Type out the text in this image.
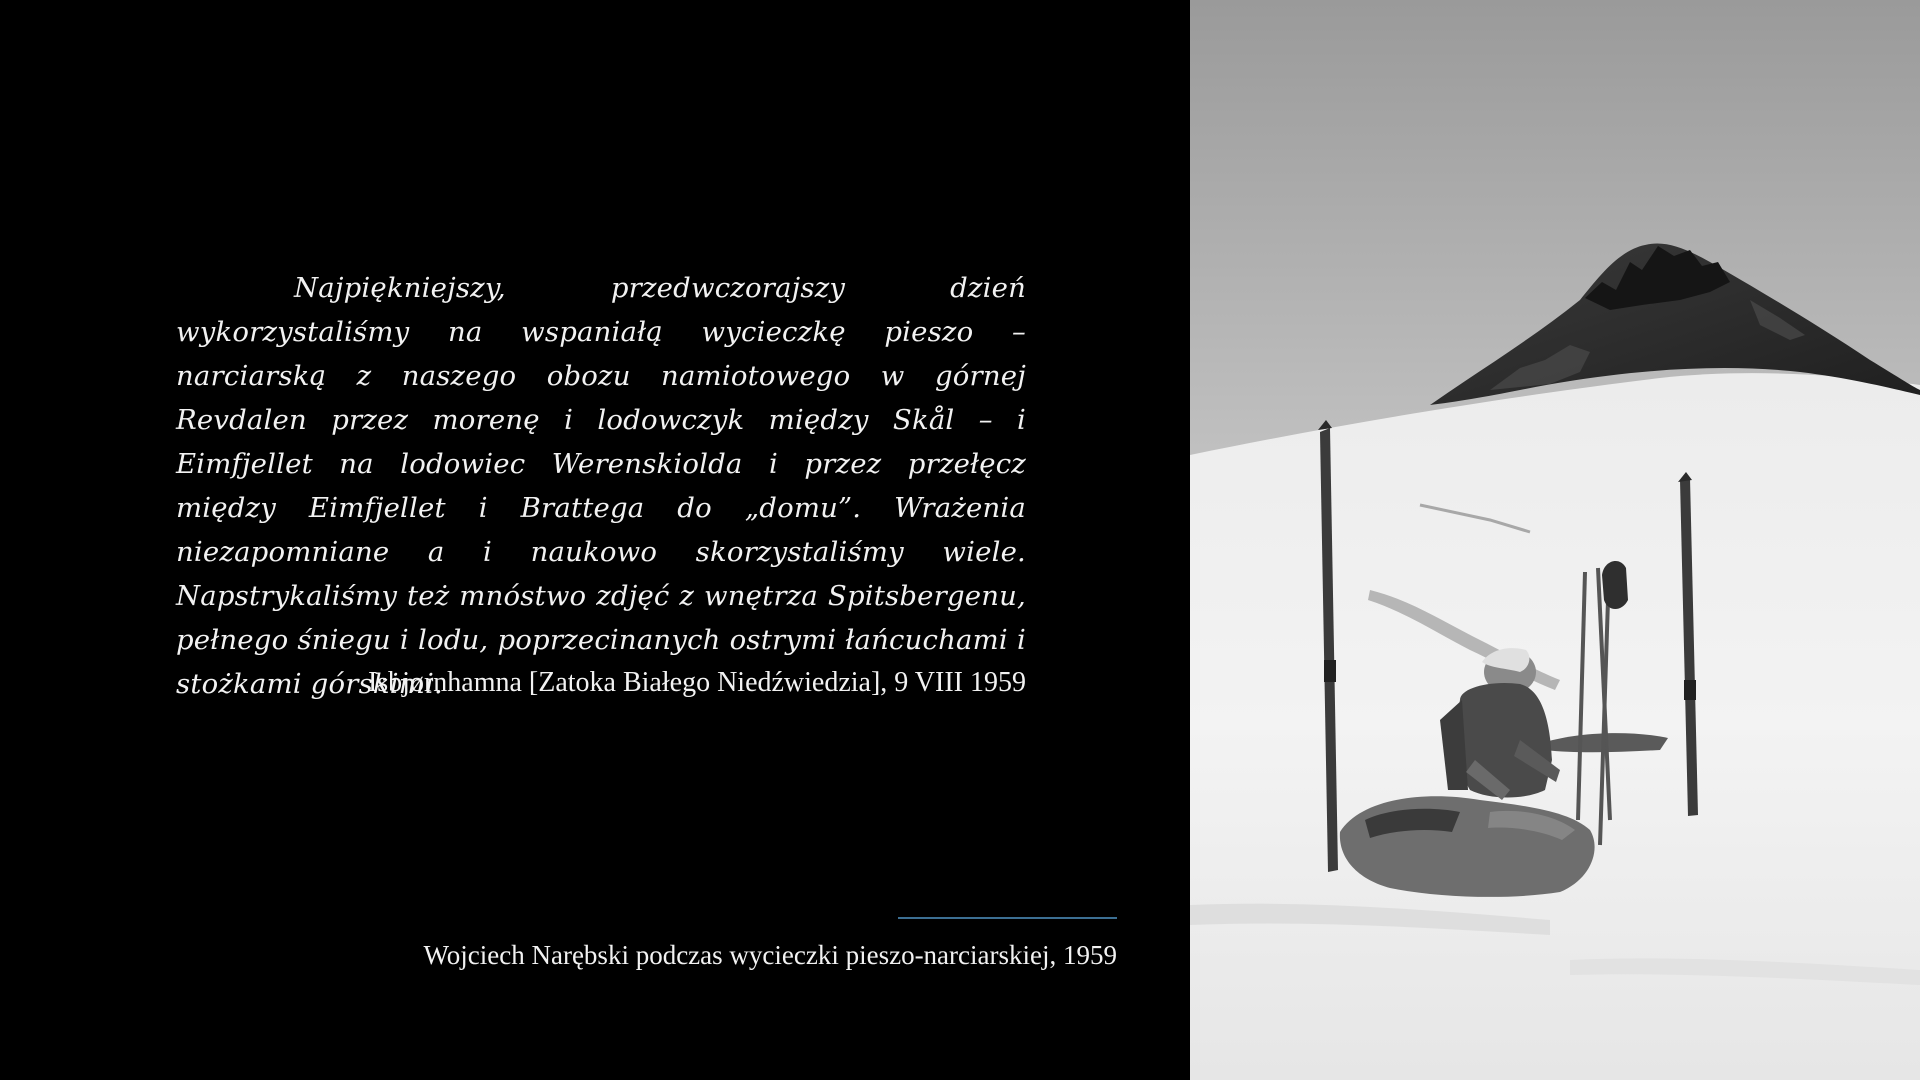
Najpiękniejszy, przedwczorajszy dzień wykorzystaliśmy na wspaniałą wycieczkę pieszo – narciarską z naszego obozu namiotowego w górnej Revdalen przez morenę i lodowczyk między Skål – i Eimfjellet na lodowiec Werenskiolda i przez przełęcz między Eimfjellet i Brattega do „domu”. Wrażenia niezapomniane a i naukowo skorzystaliśmy wiele. Napstrykaliśmy też mnóstwo zdjęć z wnętrza Spitsbergenu, pełnego śniegu i lodu, poprzecinanych ostrymi łańcuchami i stożkami górskimi.

Isbjørnhamna [Zatoka Białego Niedźwiedzia], 9 VIII 1959

Wojciech Narębski podczas wycieczki pieszo-narciarskiej, 1959
